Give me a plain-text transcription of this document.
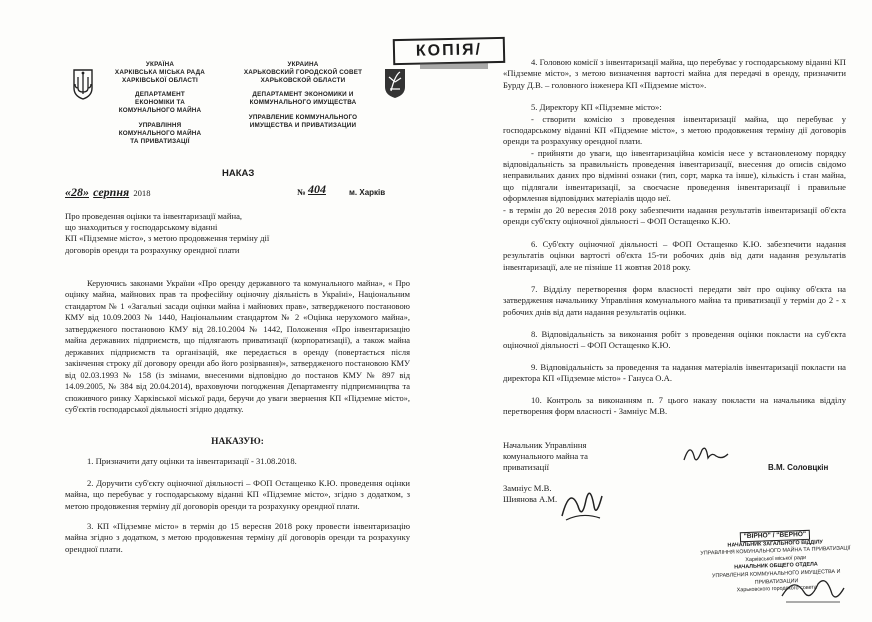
УКРАЇНА
ХАРКІВСЬКА МІСЬКА РАДА
ХАРКІВСЬКОЇ ОБЛАСТІ
ДЕПАРТАМЕНТ
ЕКОНОМІКИ ТА
КОМУНАЛЬНОГО МАЙНА
УПРАВЛІННЯ
КОМУНАЛЬНОГО МАЙНА
ТА ПРИВАТИЗАЦІЇ
УКРАИНА
ХАРЬКОВСКИЙ ГОРОДСКОЙ СОВЕТ
ХАРЬКОВСКОЙ ОБЛАСТИ
ДЕПАРТАМЕНТ ЭКОНОМИКИ И
КОММУНАЛЬНОГО ИМУЩЕСТВА
УПРАВЛЕНИЕ КОММУНАЛЬНОГО
ИМУЩЕСТВА И ПРИВАТИЗАЦИИ
КОПІЯ/
НАКАЗ
«28» серпня 2018	№ 404	м. Харків
Про проведення оцінки та інвентаризації майна,
що знаходиться у господарському віданні
КП «Підземне місто», з метою продовження терміну дії
договорів оренди та розрахунку орендної плати
Керуючись законами України «Про оренду державного та комунального майна», « Про оцінку майна, майнових прав та професійну оціночну діяльність в Україні», Національним стандартом № 1 «Загальні засади оцінки майна і майнових прав», затвердженого постановою КМУ від 10.09.2003 № 1440, Національним стандартом № 2 «Оцінка нерухомого майна», затвердженого постановою КМУ від 28.10.2004 № 1442, Положення «Про інвентаризацію майна державних підприємств, що підлягають приватизації (корпоратизації), а також майна державних підприємств та організацій, яке передається в оренду (повертається після закінчення строку дії договору оренди або його розірвання)», затвердженого постановою КМУ від 02.03.1993 № 158 (із змінами, внесеними відповідно до постанов КМУ № 897 від 14.09.2005, № 384 від 20.04.2014), враховуючи погодження Департаменту підприємництва та споживчого ринку Харківської міської ради, беручи до уваги звернення КП «Підземне місто», суб'єктів господарської діяльності згідно додатку.
НАКАЗУЮ:
1. Призначити дату оцінки та інвентаризації - 31.08.2018.
2. Доручити суб'єкту оціночної діяльності – ФОП Остащенко К.Ю. проведення оцінки майна, що перебуває у господарському віданні КП «Підземне місто», згідно з додатком, з метою продовження терміну дії договорів оренди та розрахунку орендної плати.
3. КП «Підземне місто» в термін до 15 вересня 2018 року провести інвентаризацію майна згідно з додатком, з метою продовження терміну дії договорів оренди та розрахунку орендної плати.
4. Головою комісії з інвентаризації майна, що перебуває у господарському віданні КП «Підземне місто», з метою визначення вартості майна для передачі в оренду, призначити Бурду Д.В. – головного інженера КП «Підземне місто».
5. Директору КП «Підземне місто»:
- створити комісію з проведення інвентаризації майна, що перебуває у господарському віданні КП «Підземне місто», з метою продовження терміну дії договорів оренди та розрахунку орендної плати.
- прийняти до уваги, що інвентаризаційна комісія несе у встановленому порядку відповідальність за правильність проведення інвентаризації, внесення до описів свідомо неправильних даних про відмінні ознаки (тип, сорт, марка та інше), кількість і стан майна, що підлягали інвентаризації, за своєчасне проведення інвентаризації і правильне оформлення відповідних матеріалів щодо неї.
- в термін до 20 вересня 2018 року забезпечити надання результатів інвентаризації об'єкта оренди суб'єкту оціночної діяльності – ФОП Остащенко К.Ю.
6. Суб'єкту оціночної діяльності – ФОП Остащенко К.Ю. забезпечити надання результатів оцінки вартості об'єкта 15-ти робочих днів від дати надання результатів інвентаризації, але не пізніше 11 жовтня 2018 року.
7. Відділу перетворення форм власності передати звіт про оцінку об'єкта на затвердження начальнику Управління комунального майна та приватизації у термін до 2 - х робочих днів від дати надання результатів оцінки.
8. Відповідальність за виконання робіт з проведення оцінки покласти на суб'єкта оціночної діяльності – ФОП Остащенко К.Ю.
9. Відповідальність за проведення та надання матеріалів інвентаризації покласти на директора КП «Підземне місто» - Ганусa О.А.
10. Контроль за виконанням п. 7 цього наказу покласти на начальника відділу перетворення форм власності - Замніус М.В.
Начальник Управління
комунального майна та
приватизації	В.М. Соловцкін
Замніус М.В.
Шиянова А.М.
"ВІРНО" / "ВЕРНО"
НАЧАЛЬНИК ЗАГАЛЬНОГО ВІДДІЛУ
УПРАВЛІННЯ КОМУНАЛЬНОГО МАЙНА ТА ПРИВАТИЗАЦІЇ
Харківської міської ради
НАЧАЛЬНИК ОБЩЕГО ОТДЕЛА
УПРАВЛЕНИЯ КОММУНАЛЬНОГО ИМУЩЕСТВА И ПРИВАТИЗАЦИИ
Харьковского городского совета
